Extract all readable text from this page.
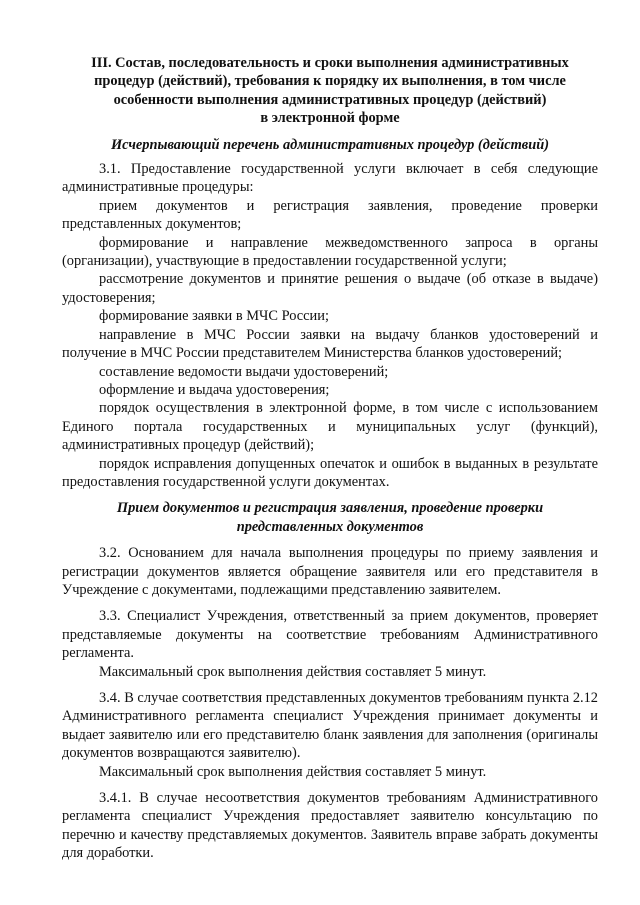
III. Состав, последовательность и сроки выполнения административных
процедур (действий), требования к порядку их выполнения, в том числе
особенности выполнения административных процедур (действий)
в электронной форме
Исчерпывающий перечень административных процедур (действий)

3.1. Предоставление государственной услуги включает в себя следующие административные процедуры:

прием документов и регистрация заявления, проведение проверки представленных документов;

формирование и направление межведомственного запроса в органы (организации), участвующие в предоставлении государственной услуги;

рассмотрение документов и принятие решения о выдаче (об отказе в выдаче) удостоверения;

формирование заявки в МЧС России;

направление в МЧС России заявки на выдачу бланков удостоверений и получение в МЧС России представителем Министерства бланков удостоверений;

составление ведомости выдачи удостоверений;

оформление и выдача удостоверения;

порядок осуществления в электронной форме, в том числе с использованием Единого портала государственных и муниципальных услуг (функций), административных процедур (действий);

порядок исправления допущенных опечаток и ошибок в выданных в результате предоставления государственной услуги документах.

Прием документов и регистрация заявления, проведение проверки
представленных документов

3.2. Основанием для начала выполнения процедуры по приему заявления и регистрации документов является обращение заявителя или его представителя в Учреждение с документами, подлежащими представлению заявителем.

3.3. Специалист Учреждения, ответственный за прием документов, проверяет представляемые документы на соответствие требованиям Административного регламента.

Максимальный срок выполнения действия составляет 5 минут.

3.4. В случае соответствия представленных документов требованиям пункта 2.12 Административного регламента специалист Учреждения принимает документы и выдает заявителю или его представителю бланк заявления для заполнения (оригиналы документов возвращаются заявителю).

Максимальный срок выполнения действия составляет 5 минут.

3.4.1. В случае несоответствия документов требованиям Административного регламента специалист Учреждения предоставляет заявителю консультацию по перечню и качеству представляемых документов. Заявитель вправе забрать документы для доработки.
